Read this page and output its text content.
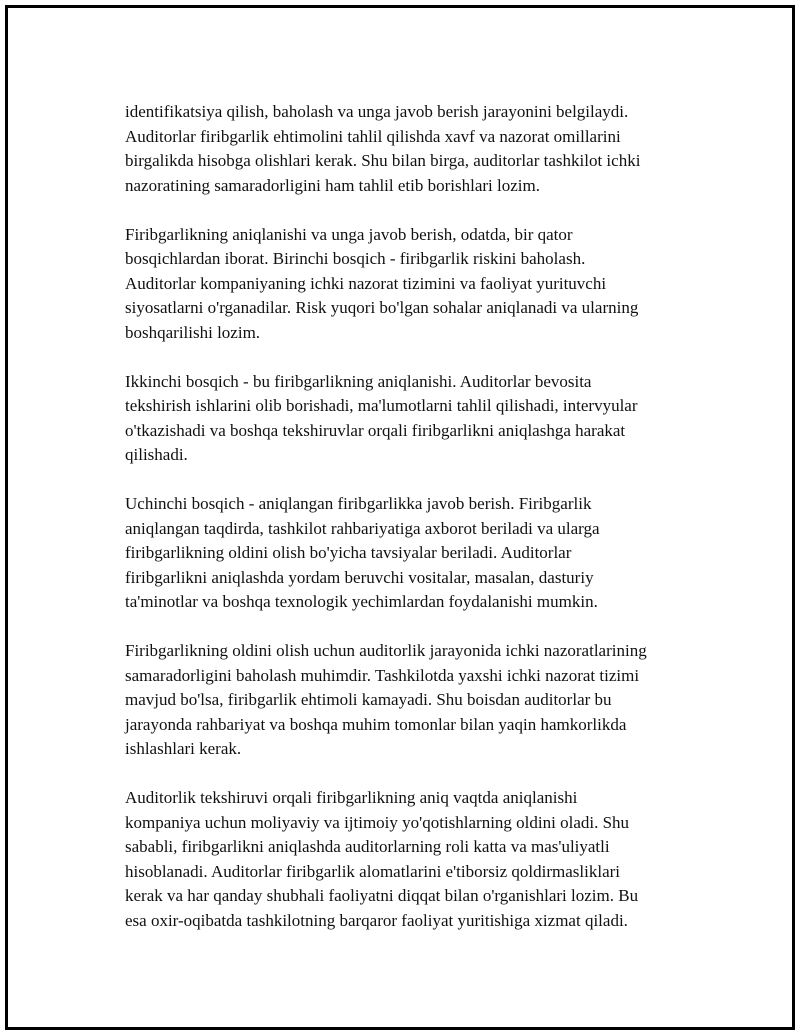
identifikatsiya qilish, baholash va unga javob berish jarayonini belgilaydi.
Auditorlar firibgarlik ehtimolini tahlil qilishda xavf va nazorat omillarini
birgalikda hisobga olishlari kerak. Shu bilan birga, auditorlar tashkilot ichki
nazoratining samaradorligini ham tahlil etib borishlari lozim.

Firibgarlikning aniqlanishi va unga javob berish, odatda, bir qator
bosqichlardan iborat. Birinchi bosqich - firibgarlik riskini baholash.
Auditorlar kompaniyaning ichki nazorat tizimini va faoliyat yurituvchi
siyosatlarni o'rganadilar. Risk yuqori bo'lgan sohalar aniqlanadi va ularning
boshqarilishi lozim.

Ikkinchi bosqich - bu firibgarlikning aniqlanishi. Auditorlar bevosita
tekshirish ishlarini olib borishadi, ma'lumotlarni tahlil qilishadi, intervyular
o'tkazishadi va boshqa tekshiruvlar orqali firibgarlikni aniqlashga harakat
qilishadi.

Uchinchi bosqich - aniqlangan firibgarlikka javob berish. Firibgarlik
aniqlangan taqdirda, tashkilot rahbariyatiga axborot beriladi va ularga
firibgarlikning oldini olish bo'yicha tavsiyalar beriladi. Auditorlar
firibgarlikni aniqlashda yordam beruvchi vositalar, masalan, dasturiy
ta'minotlar va boshqa texnologik yechimlardan foydalanishi mumkin.

Firibgarlikning oldini olish uchun auditorlik jarayonida ichki nazoratlarining
samaradorligini baholash muhimdir. Tashkilotda yaxshi ichki nazorat tizimi
mavjud bo'lsa, firibgarlik ehtimoli kamayadi. Shu boisdan auditorlar bu
jarayonda rahbariyat va boshqa muhim tomonlar bilan yaqin hamkorlikda
ishlashlari kerak.

Auditorlik tekshiruvi orqali firibgarlikning aniq vaqtda aniqlanishi
kompaniya uchun moliyaviy va ijtimoiy yo'qotishlarning oldini oladi. Shu
sababli, firibgarlikni aniqlashda auditorlarning roli katta va mas'uliyatli
hisoblanadi. Auditorlar firibgarlik alomatlarini e'tiborsiz qoldirmasliklari
kerak va har qanday shubhali faoliyatni diqqat bilan o'rganishlari lozim. Bu
esa oxir-oqibatda tashkilotning barqaror faoliyat yuritishiga xizmat qiladi.
